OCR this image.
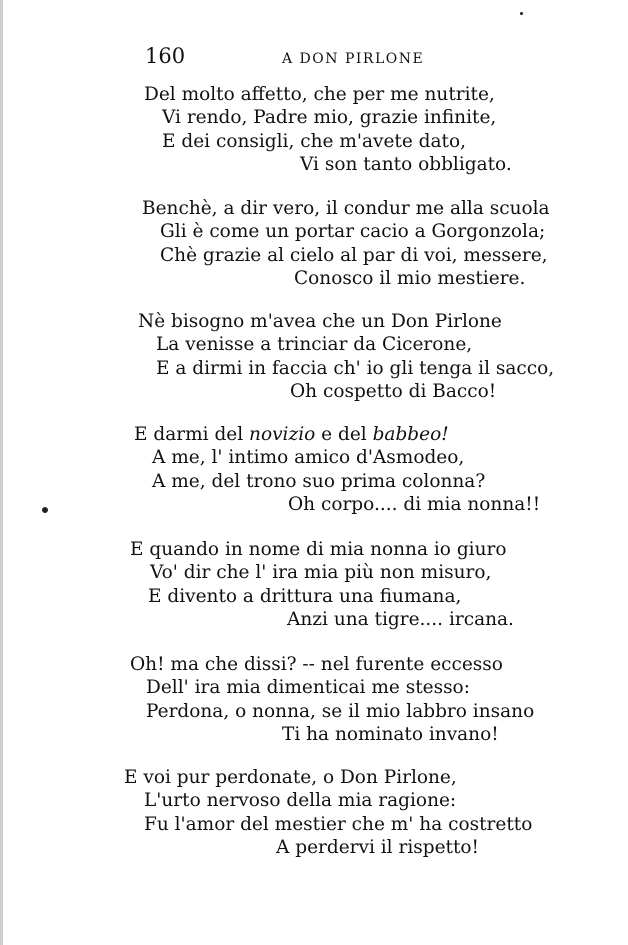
160	A DON PIRLONE
Del molto affetto, che per me nutrite,
Vi rendo, Padre mio, grazie infinite,
E dei consigli, che m'avete dato,
Vi son tanto obbligato.
Benchè, a dir vero, il condur me alla scuola
Gli è come un portar cacio a Gorgonzola;
Chè grazie al cielo al par di voi, messere,
Conosco il mio mestiere.
Nè bisogno m'avea che un Don Pirlone
La venisse a trinciar da Cicerone,
E a dirmi in faccia ch' io gli tenga il sacco,
Oh cospetto di Bacco!
E darmi del novizio e del babbeo!
A me, l' intimo amico d'Asmodeo,
A me, del trono suo prima colonna?
Oh corpo.... di mia nonna!!
E quando in nome di mia nonna io giuro
Vo' dir che l' ira mia più non misuro,
E divento a drittura una fiumana,
Anzi una tigre.... ircana.
Oh! ma che dissi? -- nel furente eccesso
Dell' ira mia dimenticai me stesso:
Perdona, o nonna, se il mio labbro insano
Ti ha nominato invano!
E voi pur perdonate, o Don Pirlone,
L'urto nervoso della mia ragione:
Fu l'amor del mestier che m' ha costretto
A perdervi il rispetto!
